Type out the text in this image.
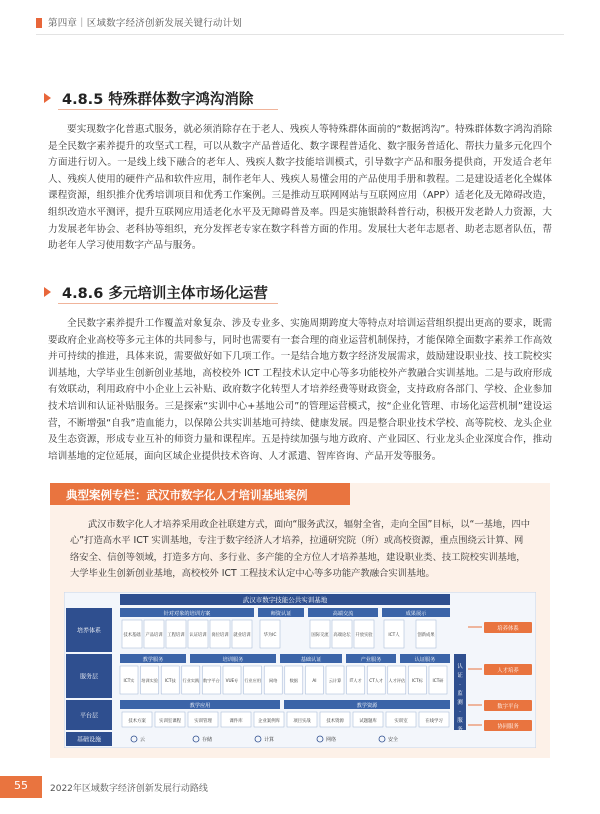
第四章｜区域数字经济创新发展关键行动计划
4.8.5 特殊群体数字鸿沟消除

要实现数字化普惠式服务，就必须消除存在于老人、残疾人等特殊群体面前的“数据鸿沟”。特殊群体数字鸿沟消除是全民数字素养提升的攻坚式工程，可以从数字产品普适化、数字课程普适化、数字服务普适化、帮扶力量多元化四个方面进行切入。一是线上线下融合的老年人、残疾人数字技能培训模式，引导数字产品和服务提供商，开发适合老年人、残疾人使用的硬件产品和软件应用，制作老年人、残疾人易懂会用的产品使用手册和教程。二是建设适老化全媒体课程资源，组织推介优秀培训项目和优秀工作案例。三是推动互联网网站与互联网应用（APP）适老化及无障碍改造，组织改造水平测评，提升互联网应用适老化水平及无障碍普及率。四是实施银龄科普行动，积极开发老龄人力资源，大力发展老年协会、老科协等组织，充分发挥老专家在数字科普方面的作用。发展壮大老年志愿者、助老志愿者队伍，帮助老年人学习使用数字产品与服务。

4.8.6 多元培训主体市场化运营

全民数字素养提升工作覆盖对象复杂、涉及专业多、实施周期跨度大等特点对培训运营组织提出更高的要求，既需要政府企业高校等多元主体的共同参与，同时也需要有一套合理的商业运营机制保持，才能保障全面数字素养工作高效并可持续的推进，具体来说，需要做好如下几项工作。一是结合地方数字经济发展需求，鼓励建设职业技、技工院校实训基地，大学毕业生创新创业基地，高校校外 ICT 工程技术认定中心等多功能校外产教融合实训基地。二是与政府形成有效联动，利用政府中小企业上云补贴、政府数字化转型人才培养经费等财政资金，支持政府各部门、学校、企业参加技术培训和认证补贴服务。三是探索“实训中心+基地公司”的管理运营模式，按“企业化管理、市场化运营机制”建设运营，不断增强“自我”造血能力，以保障公共实训基地可持续、健康发展。四是整合职业技术学校、高等院校、龙头企业及生态资源，形成专业互补的师资力量和课程库。五是持续加强与地方政府、产业园区、行业龙头企业深度合作，推动培训基地的定位延展，面向区域企业提供技术咨询、人才派遣、智库咨询、产品开发等服务。

典型案例专栏：武汉市数字化人才培训基地案例

武汉市数字化人才培养采用政企社联建方式，面向“服务武汉，辐射全省，走向全国”目标，以“一基地，四中心”打造高水平 ICT 实训基地，专注于数字经济人才培养，拉通研究院（所）或高校资源，重点围绕云计算、网络安全、信创等领域，打造多方向、多行业、多产能的全方位人才培养基地，建设职业类、技工院校实训基地，大学毕业生创新创业基地，高校校外 ICT 工程技术认定中心等多功能产教融合实训基地。

武汉市数字技能公共实训基地
培养体系
服务层
平台层
基础设施
针对对象的培训方案	师资认证	高端交流	成果展示
技术基础 产品培训 工程培训 认证培训 岗位培训 就业培训	华为IC	国际交流 高端论坛 开放实验	ICT人	创新成果
教学服务	培训服务	基础认证	产业服务	认证服务
ICT实 培训实验 ICT技 行业实践 数字平台 VUE专 行业应用 网络	数据	AI	云计算 IT人才 CT人才 人才评估 ICT标 ICT研
教学应用	教学资源
技术方案	实训室课程	实训管理	课件库	企业案例库	项目实战	技术资源	试题题库	实训室	在线学习
云	存储	计算	网络	安全
认
证
·
监
测
·
服
务
培养体系
人才培养
数字平台
协同服务
55	2022年区域数字经济创新发展行动路线
